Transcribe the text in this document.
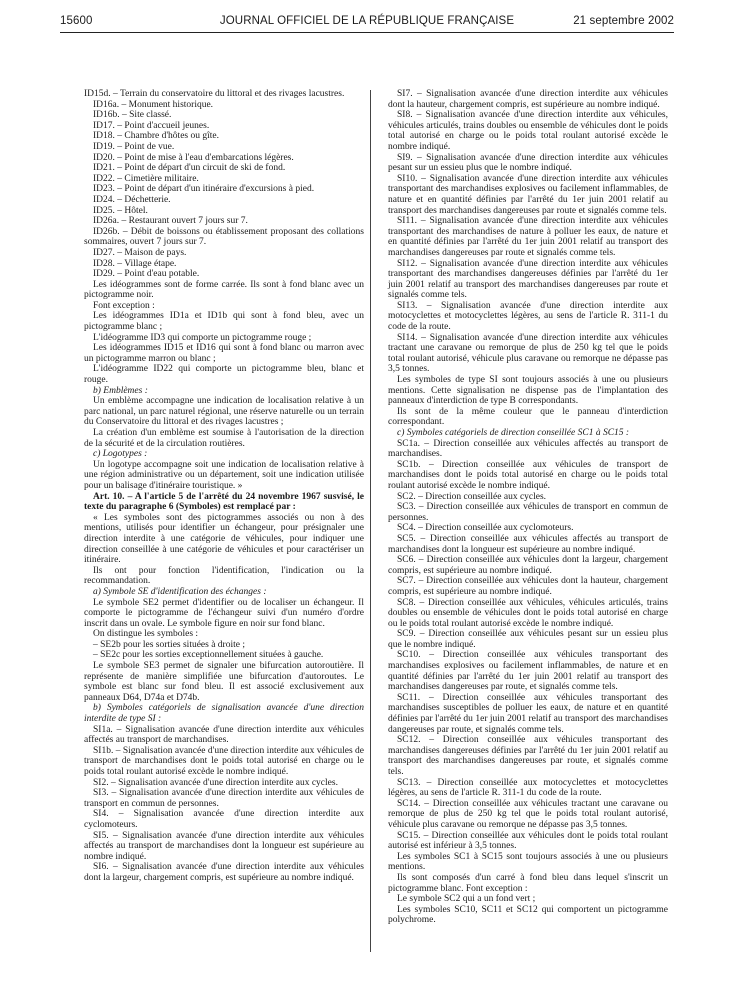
15600	JOURNAL OFFICIEL DE LA RÉPUBLIQUE FRANÇAISE	21 septembre 2002

ID15d. – Terrain du conservatoire du littoral et des rivages lacustres.

ID16a. – Monument historique.

ID16b. – Site classé.

ID17. – Point d'accueil jeunes.

ID18. – Chambre d'hôtes ou gîte.

ID19. – Point de vue.

ID20. – Point de mise à l'eau d'embarcations légères.

ID21. – Point de départ d'un circuit de ski de fond.

ID22. – Cimetière militaire.

ID23. – Point de départ d'un itinéraire d'excursions à pied.

ID24. – Déchetterie.

ID25. – Hôtel.

ID26a. – Restaurant ouvert 7 jours sur 7.

ID26b. – Débit de boissons ou établissement proposant des collations sommaires, ouvert 7 jours sur 7.

ID27. – Maison de pays.

ID28. – Village étape.

ID29. – Point d'eau potable.

Les idéogrammes sont de forme carrée. Ils sont à fond blanc avec un pictogramme noir.

Font exception :

Les idéogrammes ID1a et ID1b qui sont à fond bleu, avec un pictogramme blanc ;

L'idéogramme ID3 qui comporte un pictogramme rouge ;

Les idéogrammes ID15 et ID16 qui sont à fond blanc ou marron avec un pictogramme marron ou blanc ;

L'idéogramme ID22 qui comporte un pictogramme bleu, blanc et rouge.

b) Emblèmes :

Un emblème accompagne une indication de localisation relative à un parc national, un parc naturel régional, une réserve naturelle ou un terrain du Conservatoire du littoral et des rivages lacustres ;

La création d'un emblème est soumise à l'autorisation de la direction de la sécurité et de la circulation routières.

c) Logotypes :

Un logotype accompagne soit une indication de localisation relative à une région administrative ou un département, soit une indication utilisée pour un balisage d'itinéraire touristique. »

Art. 10. – A l'article 5 de l'arrêté du 24 novembre 1967 susvisé, le texte du paragraphe 6 (Symboles) est remplacé par :

« Les symboles sont des pictogrammes associés ou non à des mentions, utilisés pour identifier un échangeur, pour présignaler une direction interdite à une catégorie de véhicules, pour indiquer une direction conseillée à une catégorie de véhicules et pour caractériser un itinéraire.

Ils ont pour fonction l'identification, l'indication ou la recommandation.

a) Symbole SE d'identification des échanges :

Le symbole SE2 permet d'identifier ou de localiser un échangeur. Il comporte le pictogramme de l'échangeur suivi d'un numéro d'ordre inscrit dans un ovale. Le symbole figure en noir sur fond blanc.

On distingue les symboles :

– SE2b pour les sorties situées à droite ;

– SE2c pour les sorties exceptionnellement situées à gauche.

Le symbole SE3 permet de signaler une bifurcation autoroutière. Il représente de manière simplifiée une bifurcation d'autoroutes. Le symbole est blanc sur fond bleu. Il est associé exclusivement aux panneaux D64, D74a et D74b.

b) Symboles catégoriels de signalisation avancée d'une direction interdite de type SI :

SI1a. – Signalisation avancée d'une direction interdite aux véhicules affectés au transport de marchandises.

SI1b. – Signalisation avancée d'une direction interdite aux véhicules de transport de marchandises dont le poids total autorisé en charge ou le poids total roulant autorisé excède le nombre indiqué.

SI2. – Signalisation avancée d'une direction interdite aux cycles.

SI3. – Signalisation avancée d'une direction interdite aux véhicules de transport en commun de personnes.

SI4. – Signalisation avancée d'une direction interdite aux cyclomoteurs.

SI5. – Signalisation avancée d'une direction interdite aux véhicules affectés au transport de marchandises dont la longueur est supérieure au nombre indiqué.

SI6. – Signalisation avancée d'une direction interdite aux véhicules dont la largeur, chargement compris, est supérieure au nombre indiqué.

SI7. – Signalisation avancée d'une direction interdite aux véhicules dont la hauteur, chargement compris, est supérieure au nombre indiqué.

SI8. – Signalisation avancée d'une direction interdite aux véhicules, véhicules articulés, trains doubles ou ensemble de véhicules dont le poids total autorisé en charge ou le poids total roulant autorisé excède le nombre indiqué.

SI9. – Signalisation avancée d'une direction interdite aux véhicules pesant sur un essieu plus que le nombre indiqué.

SI10. – Signalisation avancée d'une direction interdite aux véhicules transportant des marchandises explosives ou facilement inflammables, de nature et en quantité définies par l'arrêté du 1er juin 2001 relatif au transport des marchandises dangereuses par route et signalés comme tels.

SI11. – Signalisation avancée d'une direction interdite aux véhicules transportant des marchandises de nature à polluer les eaux, de nature et en quantité définies par l'arrêté du 1er juin 2001 relatif au transport des marchandises dangereuses par route et signalés comme tels.

SI12. – Signalisation avancée d'une direction interdite aux véhicules transportant des marchandises dangereuses définies par l'arrêté du 1er juin 2001 relatif au transport des marchandises dangereuses par route et signalés comme tels.

SI13. – Signalisation avancée d'une direction interdite aux motocyclettes et motocyclettes légères, au sens de l'article R. 311-1 du code de la route.

SI14. – Signalisation avancée d'une direction interdite aux véhicules tractant une caravane ou remorque de plus de 250 kg tel que le poids total roulant autorisé, véhicule plus caravane ou remorque ne dépasse pas 3,5 tonnes.

Les symboles de type SI sont toujours associés à une ou plusieurs mentions. Cette signalisation ne dispense pas de l'implantation des panneaux d'interdiction de type B correspondants.

Ils sont de la même couleur que le panneau d'interdiction correspondant.

c) Symboles catégoriels de direction conseillée SC1 à SC15 :

SC1a. – Direction conseillée aux véhicules affectés au transport de marchandises.

SC1b. – Direction conseillée aux véhicules de transport de marchandises dont le poids total autorisé en charge ou le poids total roulant autorisé excède le nombre indiqué.

SC2. – Direction conseillée aux cycles.

SC3. – Direction conseillée aux véhicules de transport en commun de personnes.

SC4. – Direction conseillée aux cyclomoteurs.

SC5. – Direction conseillée aux véhicules affectés au transport de marchandises dont la longueur est supérieure au nombre indiqué.

SC6. – Direction conseillée aux véhicules dont la largeur, chargement compris, est supérieure au nombre indiqué.

SC7. – Direction conseillée aux véhicules dont la hauteur, chargement compris, est supérieure au nombre indiqué.

SC8. – Direction conseillée aux véhicules, véhicules articulés, trains doubles ou ensemble de véhicules dont le poids total autorisé en charge ou le poids total roulant autorisé excède le nombre indiqué.

SC9. – Direction conseillée aux véhicules pesant sur un essieu plus que le nombre indiqué.

SC10. – Direction conseillée aux véhicules transportant des marchandises explosives ou facilement inflammables, de nature et en quantité définies par l'arrêté du 1er juin 2001 relatif au transport des marchandises dangereuses par route, et signalés comme tels.

SC11. – Direction conseillée aux véhicules transportant des marchandises susceptibles de polluer les eaux, de nature et en quantité définies par l'arrêté du 1er juin 2001 relatif au transport des marchandises dangereuses par route, et signalés comme tels.

SC12. – Direction conseillée aux véhicules transportant des marchandises dangereuses définies par l'arrêté du 1er juin 2001 relatif au transport des marchandises dangereuses par route, et signalés comme tels.

SC13. – Direction conseillée aux motocyclettes et motocyclettes légères, au sens de l'article R. 311-1 du code de la route.

SC14. – Direction conseillée aux véhicules tractant une caravane ou remorque de plus de 250 kg tel que le poids total roulant autorisé, véhicule plus caravane ou remorque ne dépasse pas 3,5 tonnes.

SC15. – Direction conseillée aux véhicules dont le poids total roulant autorisé est inférieur à 3,5 tonnes.

Les symboles SC1 à SC15 sont toujours associés à une ou plusieurs mentions.

Ils sont composés d'un carré à fond bleu dans lequel s'inscrit un pictogramme blanc. Font exception :

Le symbole SC2 qui a un fond vert ;

Les symboles SC10, SC11 et SC12 qui comportent un pictogramme polychrome.
